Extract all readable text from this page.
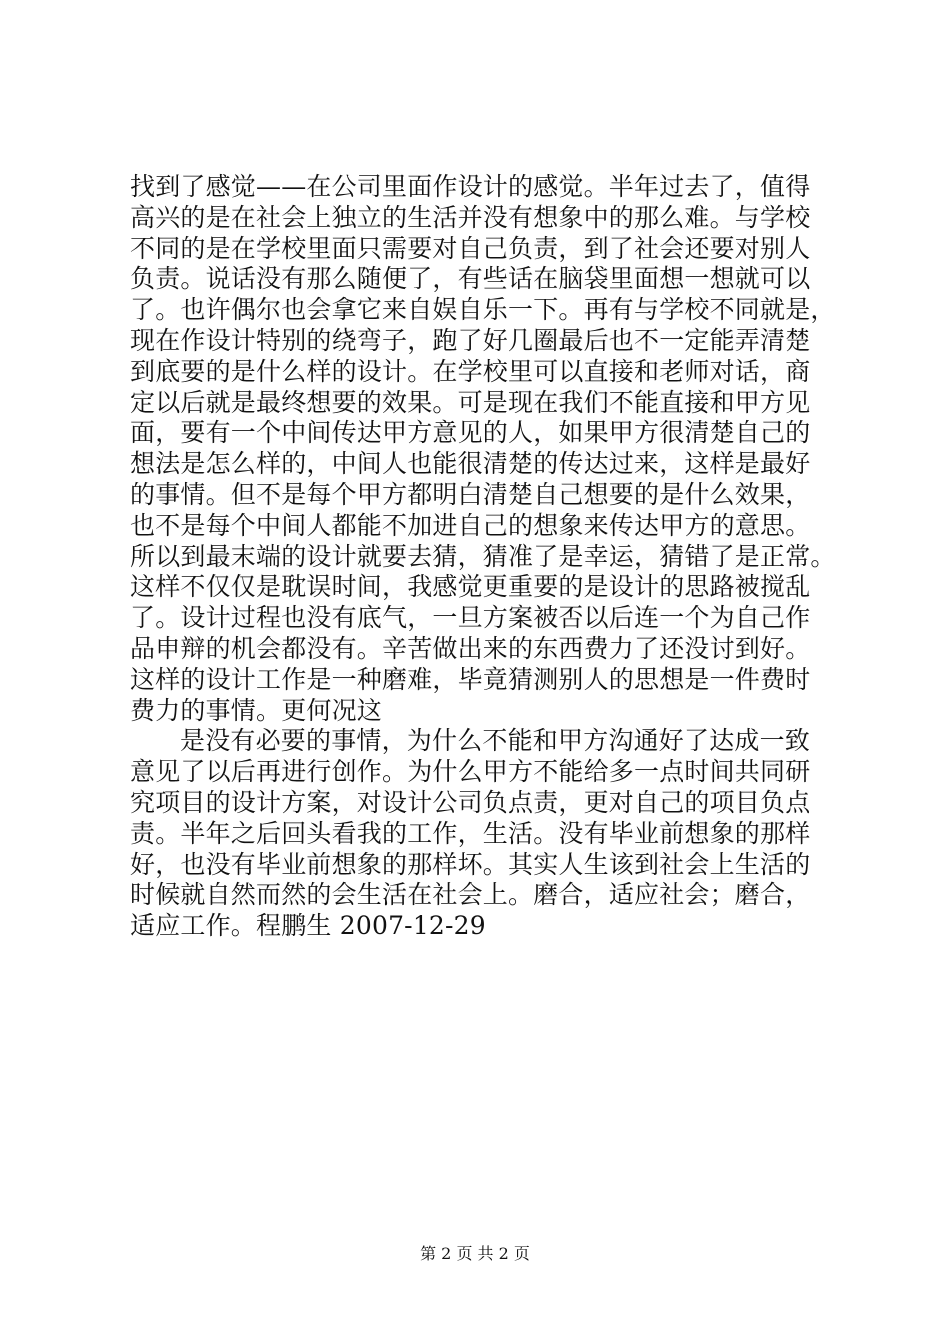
找到了感觉——在公司里面作设计的感觉。半年过去了，值得
高兴的是在社会上独立的生活并没有想象中的那么难。与学校
不同的是在学校里面只需要对自己负责，到了社会还要对别人
负责。说话没有那么随便了，有些话在脑袋里面想一想就可以
了。也许偶尔也会拿它来自娱自乐一下。再有与学校不同就是，
现在作设计特别的绕弯子，跑了好几圈最后也不一定能弄清楚
到底要的是什么样的设计。在学校里可以直接和老师对话，商
定以后就是最终想要的效果。可是现在我们不能直接和甲方见
面，要有一个中间传达甲方意见的人，如果甲方很清楚自己的
想法是怎么样的，中间人也能很清楚的传达过来，这样是最好
的事情。但不是每个甲方都明白清楚自己想要的是什么效果，
也不是每个中间人都能不加进自己的想象来传达甲方的意思。
所以到最末端的设计就要去猜，猜准了是幸运，猜错了是正常。
这样不仅仅是耽误时间，我感觉更重要的是设计的思路被搅乱
了。设计过程也没有底气，一旦方案被否以后连一个为自己作
品申辩的机会都没有。辛苦做出来的东西费力了还没讨到好。
这样的设计工作是一种磨难，毕竟猜测别人的思想是一件费时
费力的事情。更何况这
是没有必要的事情，为什么不能和甲方沟通好了达成一致
意见了以后再进行创作。为什么甲方不能给多一点时间共同研
究项目的设计方案，对设计公司负点责，更对自己的项目负点
责。半年之后回头看我的工作，生活。没有毕业前想象的那样
好，也没有毕业前想象的那样坏。其实人生该到社会上生活的
时候就自然而然的会生活在社会上。磨合，适应社会；磨合，
适应工作。程鹏生 2007-12-29
第 2 页 共 2 页
